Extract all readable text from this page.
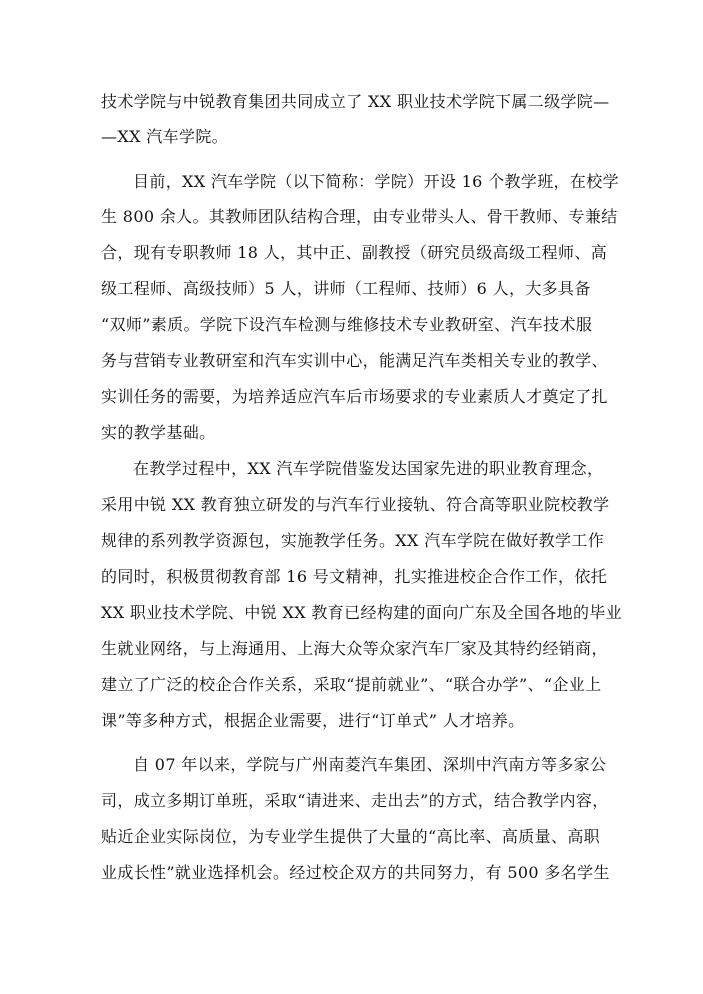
技术学院与中锐教育集团共同成立了 XX 职业技术学院下属二级学院—
—XX 汽车学院。
目前，XX 汽车学院（以下简称：学院）开设 16 个教学班，在校学
生 800 余人。其教师团队结构合理，由专业带头人、骨干教师、专兼结
合，现有专职教师 18 人，其中正、副教授（研究员级高级工程师、高
级工程师、高级技师）5 人，讲师（工程师、技师）6 人，大多具备
“双师”素质。学院下设汽车检测与维修技术专业教研室、汽车技术服
务与营销专业教研室和汽车实训中心，能满足汽车类相关专业的教学、
实训任务的需要，为培养适应汽车后市场要求的专业素质人才奠定了扎
实的教学基础。
在教学过程中，XX 汽车学院借鉴发达国家先进的职业教育理念，
采用中锐 XX 教育独立研发的与汽车行业接轨、符合高等职业院校教学
规律的系列教学资源包，实施教学任务。XX 汽车学院在做好教学工作
的同时，积极贯彻教育部 16 号文精神，扎实推进校企合作工作，依托
XX 职业技术学院、中锐 XX 教育已经构建的面向广东及全国各地的毕业
生就业网络，与上海通用、上海大众等众家汽车厂家及其特约经销商，
建立了广泛的校企合作关系，采取“提前就业”、“联合办学”、“企业上
课”等多种方式，根据企业需要，进行“订单式” 人才培养。
自 07 年以来，学院与广州南菱汽车集团、深圳中汽南方等多家公
司，成立多期订单班，采取“请进来、走出去”的方式，结合教学内容，
贴近企业实际岗位，为专业学生提供了大量的“高比率、高质量、高职
业成长性”就业选择机会。经过校企双方的共同努力，有 500 多名学生
